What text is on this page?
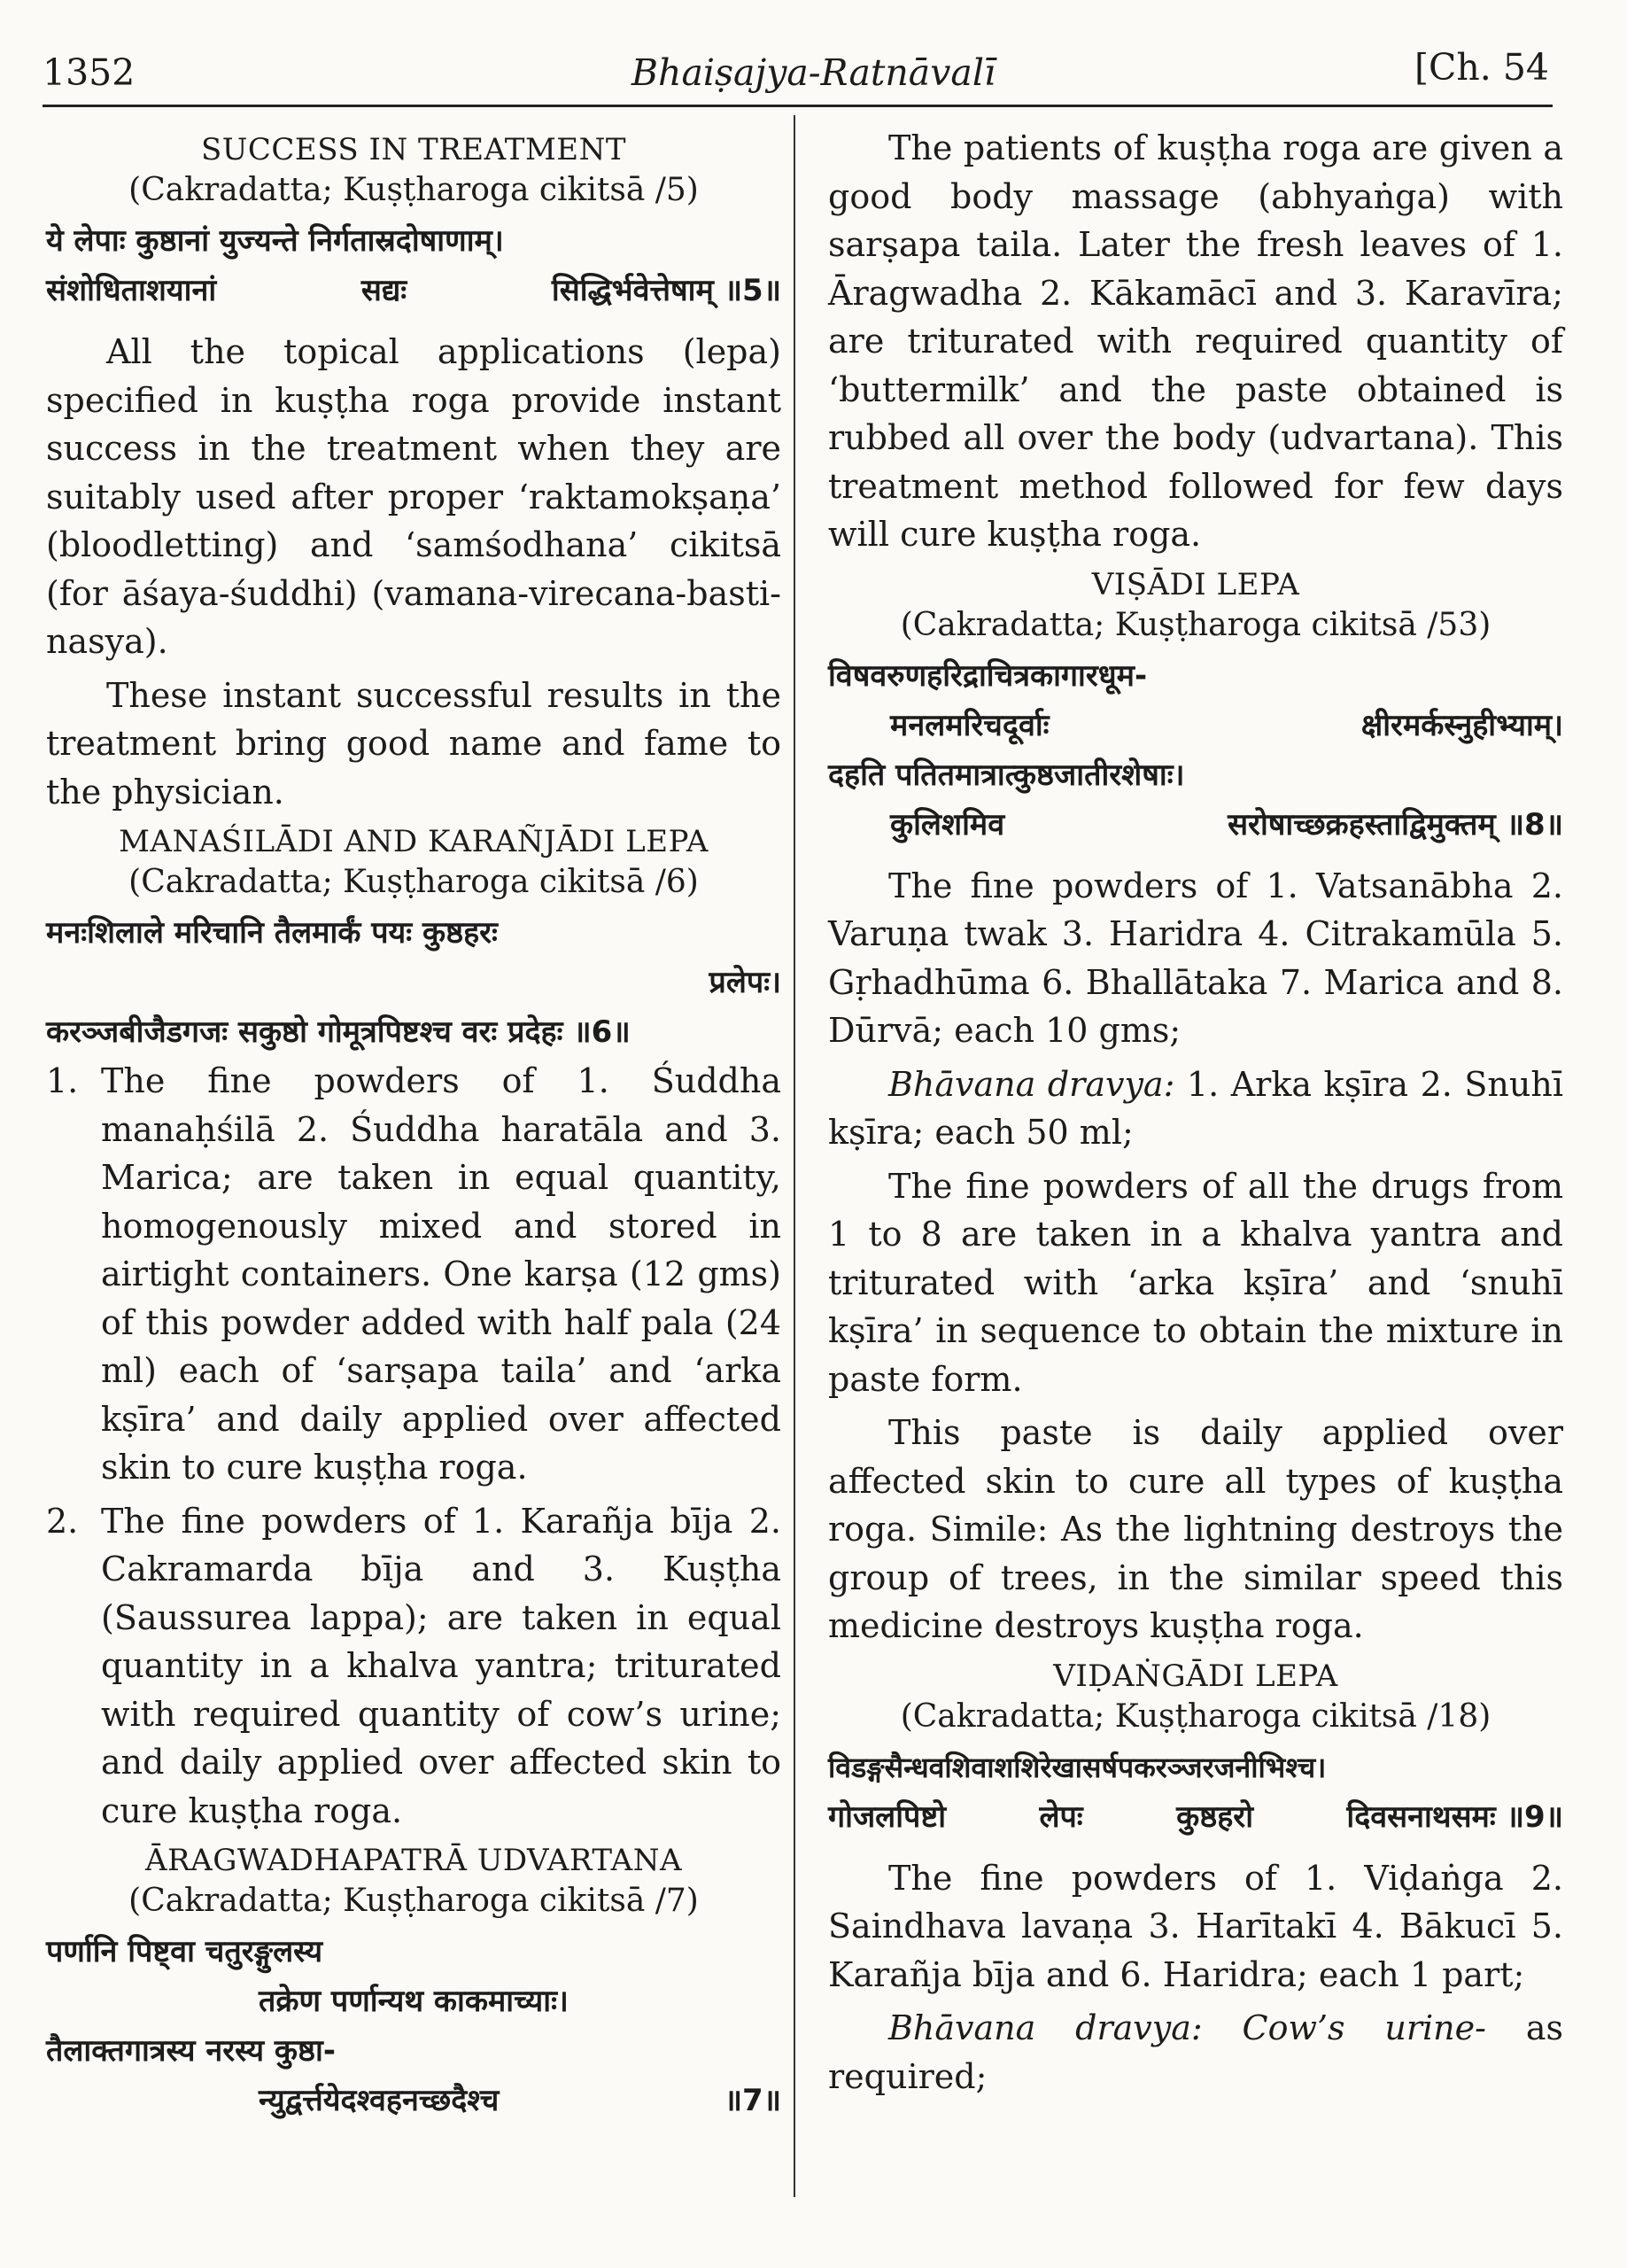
1352	Bhaiṣajya-Ratnāvalī	[Ch. 54
SUCCESS IN TREATMENT
(Cakradatta; Kuṣṭharoga cikitsā /5)
ये लेपाः कुष्ठानां युज्यन्ते निर्गतास्रदोषाणाम्।
संशोधिताशयानां	सद्यः	सिद्धिर्भवेत्तेषाम् ॥5॥

All the topical applications (lepa) specified in kuṣṭha roga provide instant success in the treatment when they are suitably used after proper ‘raktamokṣaṇa’ (bloodletting) and ‘samśodhana’ cikitsā (for āśaya-śuddhi) (vamana-virecana-basti-nasya).

These instant successful results in the treatment bring good name and fame to the physician.

MANAŚILĀDI AND KARAÑJĀDI LEPA
(Cakradatta; Kuṣṭharoga cikitsā /6)
मनःशिलाले मरिचानि तैलमार्कं पयः कुष्ठहरः
प्रलेपः।
करञ्जबीजैडगजः सकुष्ठो गोमूत्रपिष्टश्च वरः प्रदेहः ॥6॥
1. The fine powders of 1. Śuddha manaḥśilā 2. Śuddha haratāla and 3. Marica; are taken in equal quantity, homogenously mixed and stored in airtight containers. One karṣa (12 gms) of this powder added with half pala (24 ml) each of ‘sarṣapa taila’ and ‘arka kṣīra’ and daily applied over affected skin to cure kuṣṭha roga.
2. The fine powders of 1. Karañja bīja 2. Cakramarda bīja and 3. Kuṣṭha (Saussurea lappa); are taken in equal quantity in a khalva yantra; triturated with required quantity of cow’s urine; and daily applied over affected skin to cure kuṣṭha roga.
ĀRAGWADHAPATRĀ UDVARTANA
(Cakradatta; Kuṣṭharoga cikitsā /7)
पर्णानि पिष्ट्वा चतुरङ्गुलस्य
तक्रेण पर्णान्यथ काकमाच्याः।
तैलाक्तगात्रस्य नरस्य कुष्ठा-
न्युद्वर्त्तयेदश्वहनच्छदैश्च	॥7॥

The patients of kuṣṭha roga are given a good body massage (abhyaṅga) with sarṣapa taila. Later the fresh leaves of 1. Āragwadha 2. Kākamācī and 3. Karavīra; are triturated with required quantity of ‘buttermilk’ and the paste obtained is rubbed all over the body (udvartana). This treatment method followed for few days will cure kuṣṭha roga.

VIṢĀDI LEPA
(Cakradatta; Kuṣṭharoga cikitsā /53)
विषवरुणहरिद्राचित्रकागारधूम-
मनलमरिचदूर्वाः	क्षीरमर्कस्नुहीभ्याम्।
दहति पतितमात्रात्कुष्ठजातीरशेषाः।
कुलिशमिव	सरोषाच्छक्रहस्ताद्विमुक्तम् ॥8॥

The fine powders of 1. Vatsanābha 2. Varuṇa twak 3. Haridra 4. Citrakamūla 5. Gṛhadhūma 6. Bhallātaka 7. Marica and 8. Dūrvā; each 10 gms;

Bhāvana dravya: 1. Arka kṣīra 2. Snuhī kṣīra; each 50 ml;

The fine powders of all the drugs from 1 to 8 are taken in a khalva yantra and triturated with ‘arka kṣīra’ and ‘snuhī kṣīra’ in sequence to obtain the mixture in paste form.

This paste is daily applied over affected skin to cure all types of kuṣṭha roga. Simile: As the lightning destroys the group of trees, in the similar speed this medicine destroys kuṣṭha roga.

VIḌAṄGĀDI LEPA
(Cakradatta; Kuṣṭharoga cikitsā /18)
विडङ्गसैन्धवशिवाशशिरेखासर्षपकरञ्जरजनीभिश्च।
गोजलपिष्टो	लेपः	कुष्ठहरो	दिवसनाथसमः ॥9॥

The fine powders of 1. Viḍaṅga 2. Saindhava lavaṇa 3. Harītakī 4. Bākucī 5. Karañja bīja and 6. Haridra; each 1 part;

Bhāvana dravya: Cow’s urine- as required;
